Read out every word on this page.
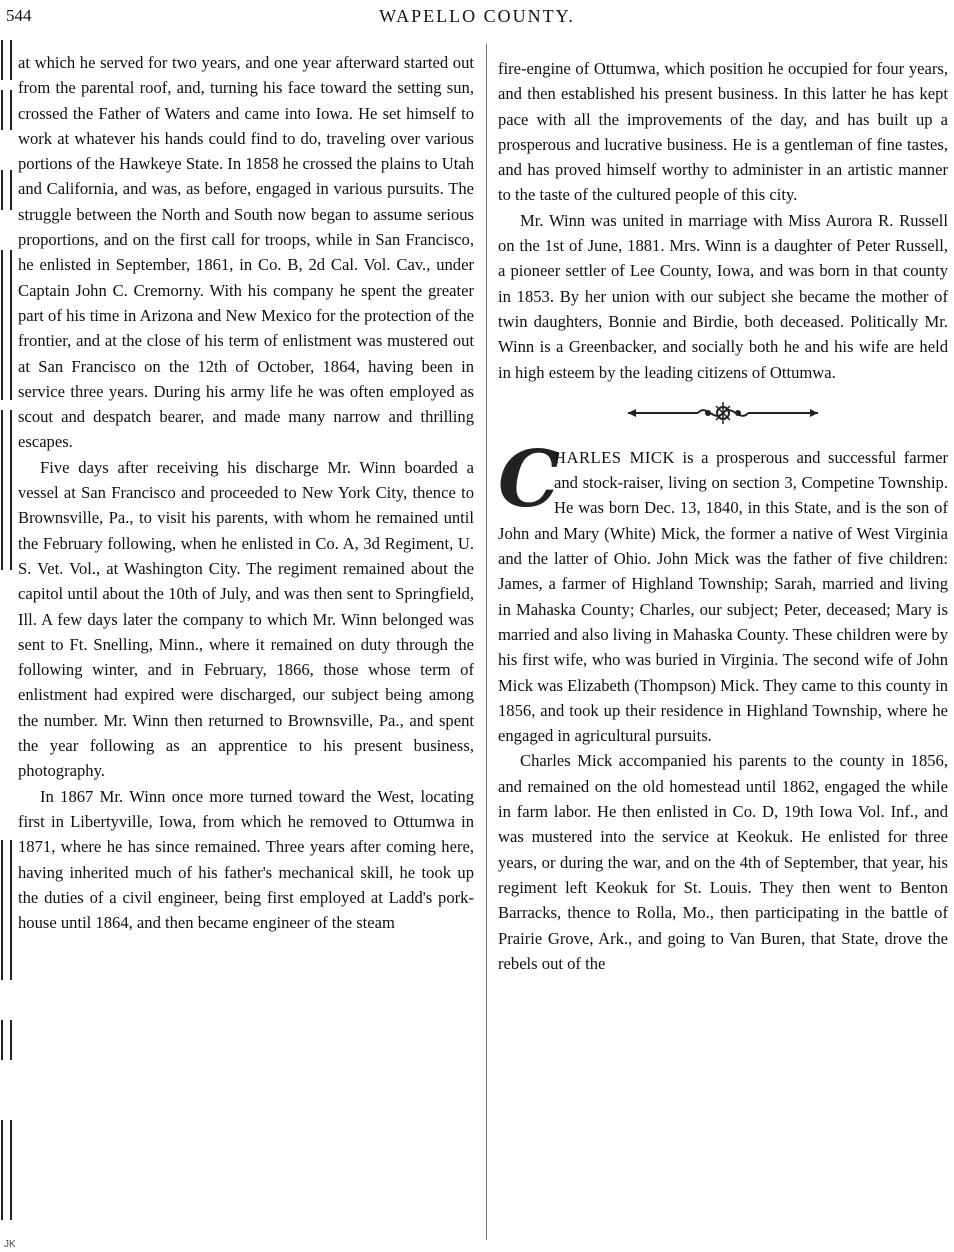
544	WAPELLO COUNTY.

at which he served for two years, and one year afterward started out from the parental roof, and, turning his face toward the setting sun, crossed the Father of Waters and came into Iowa. He set himself to work at whatever his hands could find to do, traveling over various portions of the Hawkeye State. In 1858 he crossed the plains to Utah and California, and was, as before, engaged in various pursuits. The struggle between the North and South now began to assume serious proportions, and on the first call for troops, while in San Francisco, he enlisted in September, 1861, in Co. B, 2d Cal. Vol. Cav., under Captain John C. Cremorny. With his company he spent the greater part of his time in Arizona and New Mexico for the protection of the frontier, and at the close of his term of enlistment was mustered out at San Francisco on the 12th of October, 1864, having been in service three years. During his army life he was often employed as scout and despatch bearer, and made many narrow and thrilling escapes.

Five days after receiving his discharge Mr. Winn boarded a vessel at San Francisco and proceeded to New York City, thence to Brownsville, Pa., to visit his parents, with whom he remained until the February following, when he enlisted in Co. A, 3d Regiment, U. S. Vet. Vol., at Washington City. The regiment remained about the capitol until about the 10th of July, and was then sent to Springfield, Ill. A few days later the company to which Mr. Winn belonged was sent to Ft. Snelling, Minn., where it remained on duty through the following winter, and in February, 1866, those whose term of enlistment had expired were discharged, our subject being among the number. Mr. Winn then returned to Brownsville, Pa., and spent the year following as an apprentice to his present business, photography.

In 1867 Mr. Winn once more turned toward the West, locating first in Libertyville, Iowa, from which he removed to Ottumwa in 1871, where he has since remained. Three years after coming here, having inherited much of his father's mechanical skill, he took up the duties of a civil engineer, being first employed at Ladd's pork-house until 1864, and then became engineer of the steam

fire-engine of Ottumwa, which position he occupied for four years, and then established his present business. In this latter he has kept pace with all the improvements of the day, and has built up a prosperous and lucrative business. He is a gentleman of fine tastes, and has proved himself worthy to administer in an artistic manner to the taste of the cultured people of this city.

Mr. Winn was united in marriage with Miss Aurora R. Russell on the 1st of June, 1881. Mrs. Winn is a daughter of Peter Russell, a pioneer settler of Lee County, Iowa, and was born in that county in 1853. By her union with our subject she became the mother of twin daughters, Bonnie and Birdie, both deceased. Politically Mr. Winn is a Greenbacker, and socially both he and his wife are held in high esteem by the leading citizens of Ottumwa.

C
HARLES MICK is a prosperous and successful farmer and stock-raiser, living on section 3, Competine Township. He was born Dec. 13, 1840, in this State, and is the son of John and Mary (White) Mick, the former a native of West Virginia and the latter of Ohio. John Mick was the father of five children: James, a farmer of Highland Township; Sarah, married and living in Mahaska County; Charles, our subject; Peter, deceased; Mary is married and also living in Mahaska County. These children were by his first wife, who was buried in Virginia. The second wife of John Mick was Elizabeth (Thompson) Mick. They came to this county in 1856, and took up their residence in Highland Township, where he engaged in agricultural pursuits.

Charles Mick accompanied his parents to the county in 1856, and remained on the old homestead until 1862, engaged the while in farm labor. He then enlisted in Co. D, 19th Iowa Vol. Inf., and was mustered into the service at Keokuk. He enlisted for three years, or during the war, and on the 4th of September, that year, his regiment left Keokuk for St. Louis. They then went to Benton Barracks, thence to Rolla, Mo., then participating in the battle of Prairie Grove, Ark., and going to Van Buren, that State, drove the rebels out of the

JK
